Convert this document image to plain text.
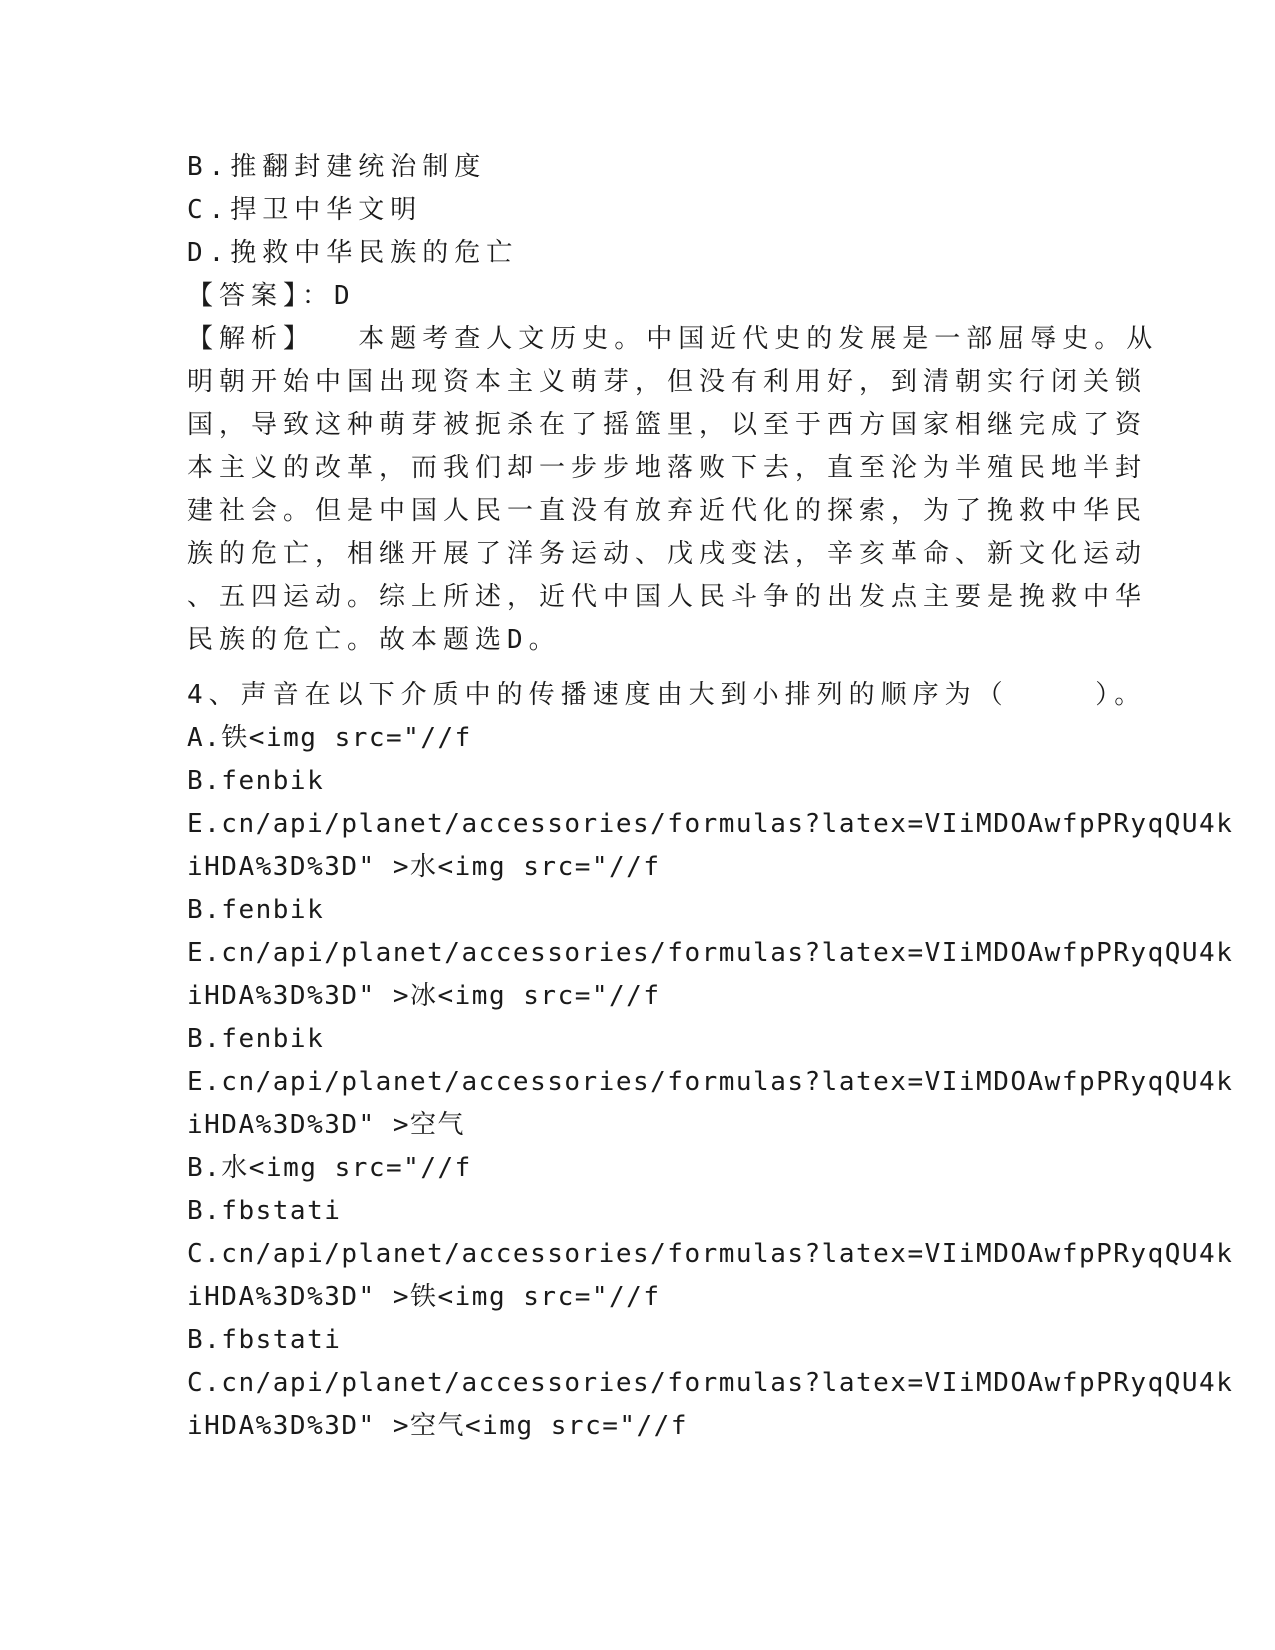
B.推翻封建统治制度
C.捍卫中华文明
D.挽救中华民族的危亡
【答案】：D
【解析】  本题考查人文历史。中国近代史的发展是一部屈辱史。从
明朝开始中国出现资本主义萌芽，但没有利用好，到清朝实行闭关锁
国，导致这种萌芽被扼杀在了摇篮里，以至于西方国家相继完成了资
本主义的改革，而我们却一步步地落败下去，直至沦为半殖民地半封
建社会。但是中国人民一直没有放弃近代化的探索，为了挽救中华民
族的危亡，相继开展了洋务运动、戊戌变法，辛亥革命、新文化运动
、五四运动。综上所述，近代中国人民斗争的出发点主要是挽救中华
民族的危亡。故本题选D。
4、声音在以下介质中的传播速度由大到小排列的顺序为（    ）。
A.铁<img src="//f
B.fenbik
E.cn/api/planet/accessories/formulas?latex=VIiMDOAwfpPRyqQU4k
iHDA%3D%3D" >水<img src="//f
B.fenbik
E.cn/api/planet/accessories/formulas?latex=VIiMDOAwfpPRyqQU4k
iHDA%3D%3D" >冰<img src="//f
B.fenbik
E.cn/api/planet/accessories/formulas?latex=VIiMDOAwfpPRyqQU4k
iHDA%3D%3D" >空气
B.水<img src="//f
B.fbstati
C.cn/api/planet/accessories/formulas?latex=VIiMDOAwfpPRyqQU4k
iHDA%3D%3D" >铁<img src="//f
B.fbstati
C.cn/api/planet/accessories/formulas?latex=VIiMDOAwfpPRyqQU4k
iHDA%3D%3D" >空气<img src="//f
